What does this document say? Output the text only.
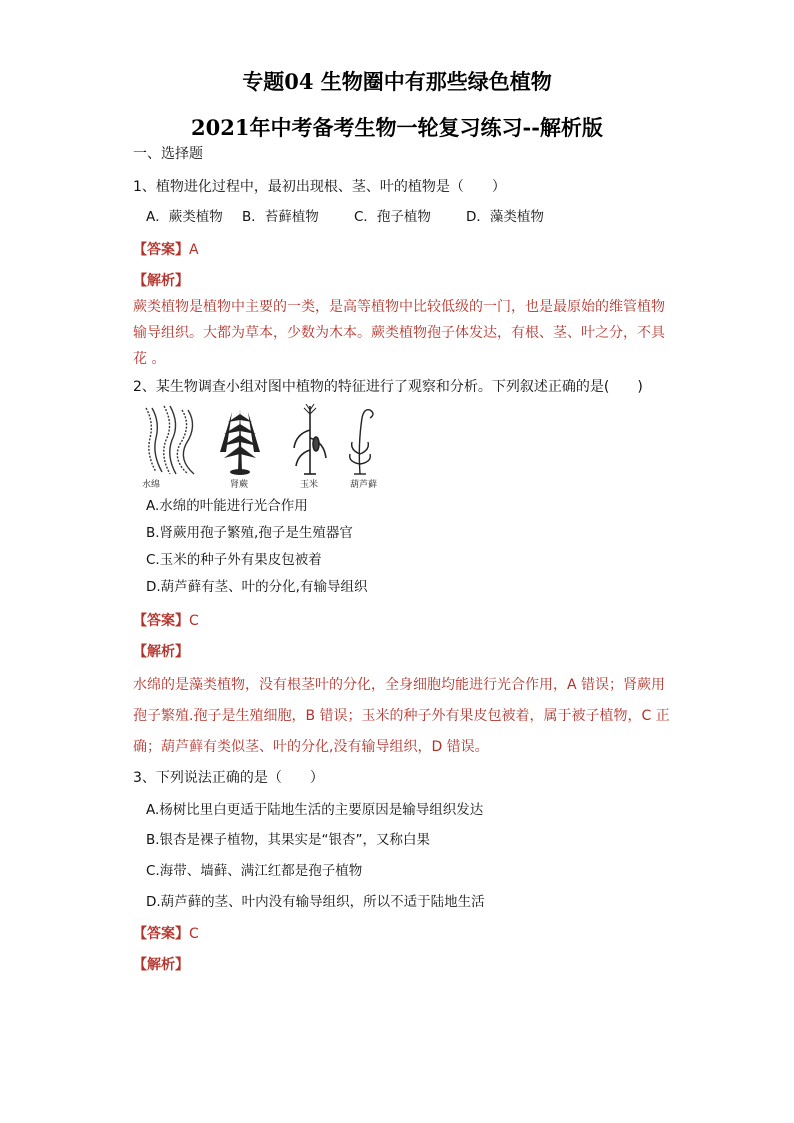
专题04 生物圈中有那些绿色植物
2021年中考备考生物一轮复习练习--解析版
一、选择题
1、植物进化过程中，最初出现根、茎、叶的植物是（　　）
A．蕨类植物 B．苔藓植物	C．孢子植物	D．藻类植物
【答案】A
【解析】
蕨类植物是植物中主要的一类，是高等植物中比较低级的一门，也是最原始的维管植物
输导组织。大都为草本，少数为木本。蕨类植物孢子体发达，有根、茎、叶之分，不具
花 。
2、某生物调查小组对图中植物的特征进行了观察和分析。下列叙述正确的是(　　)
水绵	肾蕨	玉米	葫芦藓
A.水绵的叶能进行光合作用
B.肾蕨用孢子繁殖,孢子是生殖器官
C.玉米的种子外有果皮包被着
D.葫芦藓有茎、叶的分化,有输导组织
【答案】C
【解析】
水绵的是藻类植物，没有根茎叶的分化，全身细胞均能进行光合作用，A 错误；肾蕨用
孢子繁殖.孢子是生殖细胞，B 错误；玉米的种子外有果皮包被着，属于被子植物，C 正
确；葫芦藓有类似茎、叶的分化,没有输导组织，D 错误。
3、下列说法正确的是（　　）
A.杨树比里白更适于陆地生活的主要原因是输导组织发达
B.银杏是裸子植物，其果实是“银杏”，又称白果
C.海带、墙藓、满江红都是孢子植物
D.葫芦藓的茎、叶内没有输导组织，所以不适于陆地生活
【答案】C
【解析】
